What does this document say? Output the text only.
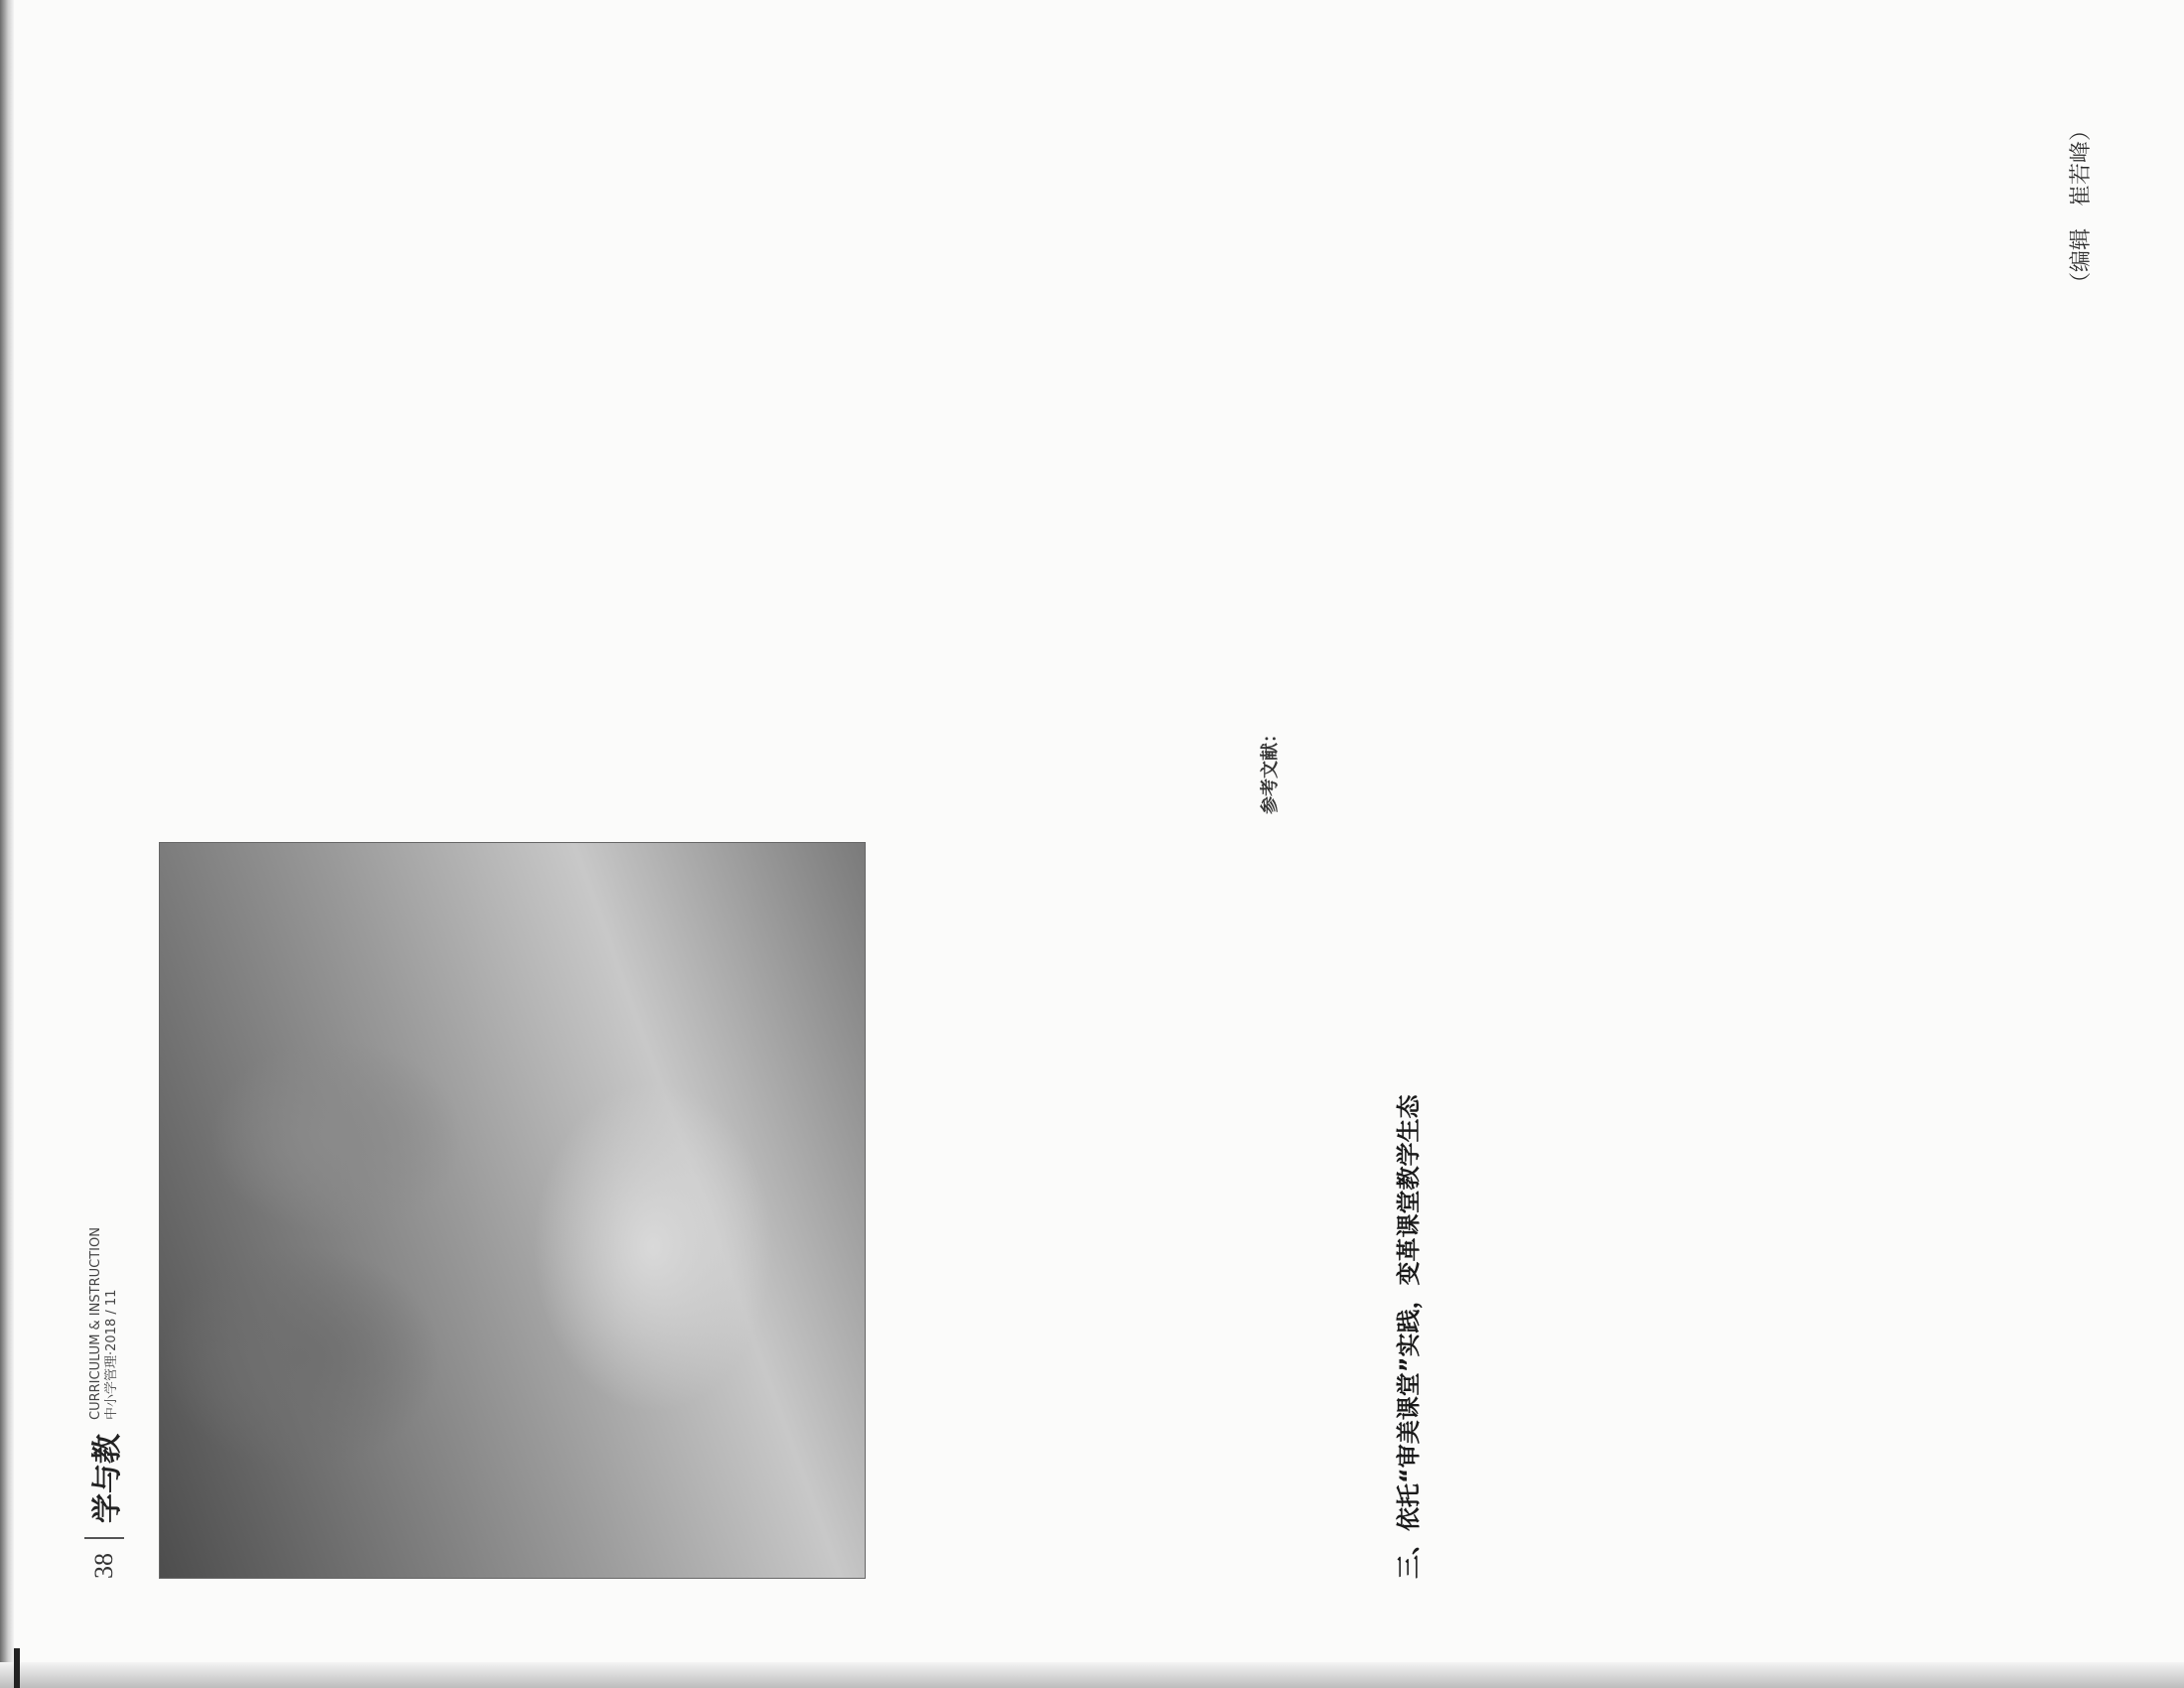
38
学与教
CURRICULUM & INSTRUCTION 中小学管理·2018 / 11	三、依托“审美课堂”实践，变革课堂教学生态
参考文献：
（编辑　崔若峰）
